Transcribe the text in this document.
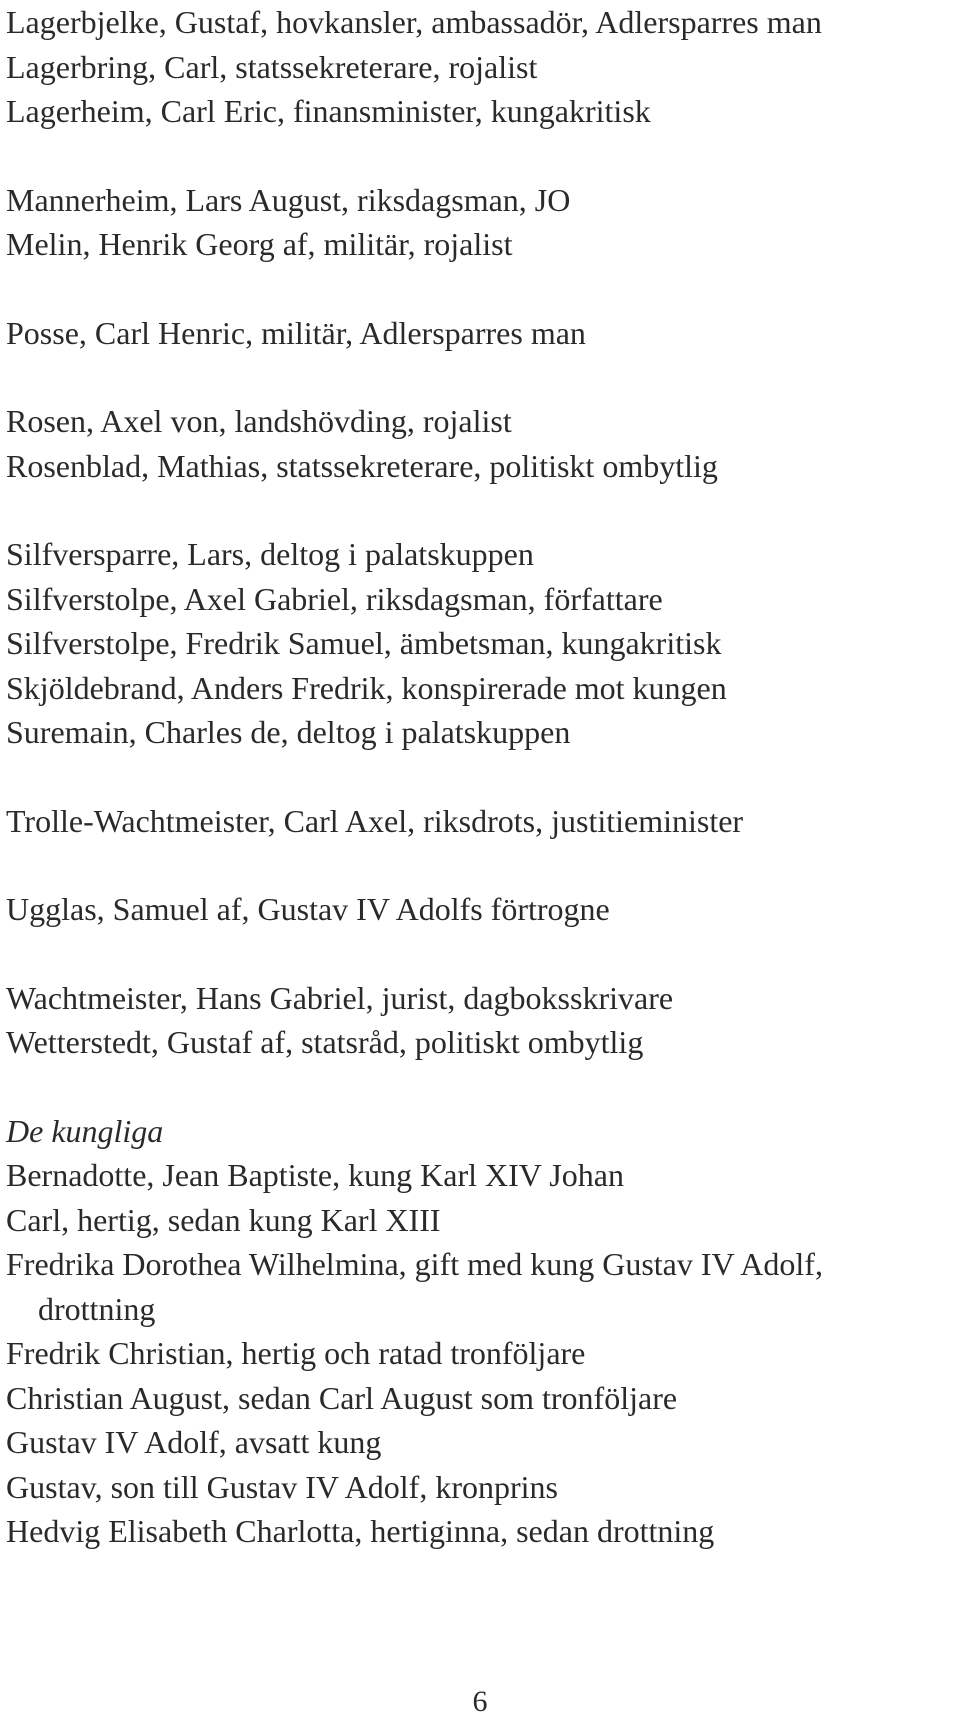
Lagerbjelke, Gustaf, hovkansler, ambassadör, Adlersparres man
Lagerbring, Carl, statssekreterare, rojalist
Lagerheim, Carl Eric, finansminister, kungakritisk
Mannerheim, Lars August, riksdagsman, JO
Melin, Henrik Georg af, militär, rojalist
Posse, Carl Henric, militär, Adlersparres man
Rosen, Axel von, landshövding, rojalist
Rosenblad, Mathias, statssekreterare, politiskt ombytlig
Silfversparre, Lars, deltog i palatskuppen
Silfverstolpe, Axel Gabriel, riksdagsman, författare
Silfverstolpe, Fredrik Samuel, ämbetsman, kungakritisk
Skjöldebrand, Anders Fredrik, konspirerade mot kungen
Suremain, Charles de, deltog i palatskuppen
Trolle-Wachtmeister, Carl Axel, riksdrots, justitieminister
Ugglas, Samuel af, Gustav IV Adolfs förtrogne
Wachtmeister, Hans Gabriel, jurist, dagboksskrivare
Wetterstedt, Gustaf af, statsråd, politiskt ombytlig
De kungliga
Bernadotte, Jean Baptiste, kung Karl XIV Johan
Carl, hertig, sedan kung Karl XIII
Fredrika Dorothea Wilhelmina, gift med kung Gustav IV Adolf,
drottning
Fredrik Christian, hertig och ratad tronföljare
Christian August, sedan Carl August som tronföljare
Gustav IV Adolf, avsatt kung
Gustav, son till Gustav IV Adolf, kronprins
Hedvig Elisabeth Charlotta, hertiginna, sedan drottning
6
